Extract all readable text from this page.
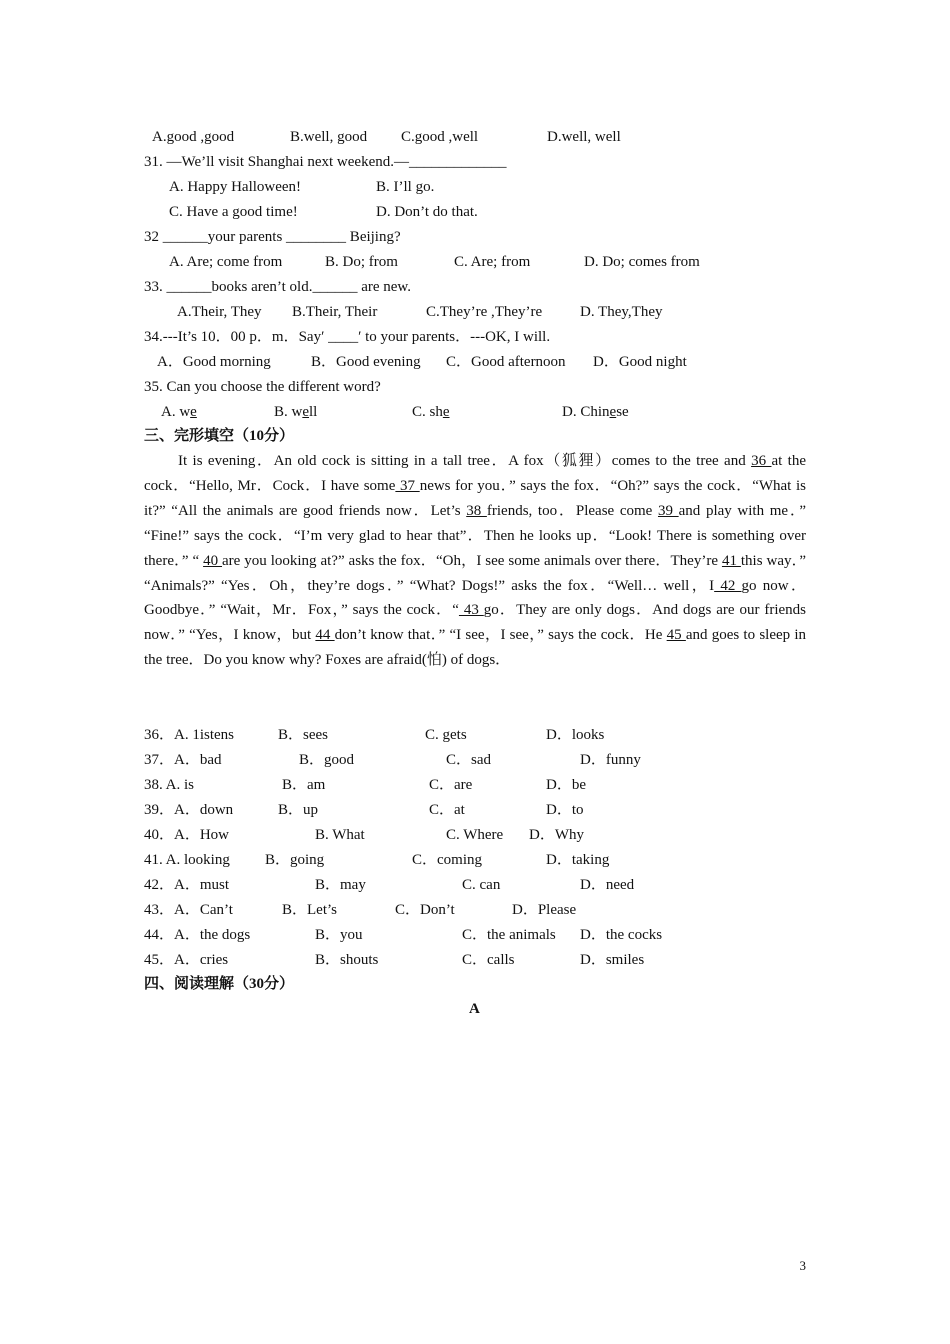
A.good ,good	B.well, good C.good ,well	D.well, well
31. —We’ll visit Shanghai next weekend.—_____________
A. Happy Halloween!	B. I’ll go.
C. Have a good time!	D. Don’t do that.
32 ______your parents ________ Beijing?
A. Are; come from	B. Do; from	C. Are; from	D. Do; comes from
33. ______books aren’t old.______ are new.
A.Their, They B.Their, Their	C.They’re ,They’re	D. They,They
34.---It’s 10．00 p．m．Say′ ____′ to your parents．---OK, I will.
A．Good morning	B．Good evening C．Good afternoon D．Good night
35. Can you choose the different word?
A. we	B. well	C. she	D. Chinese
三、完形填空（10分）

It is evening．An old cock is sitting in a tall tree．A fox（狐狸）comes to the tree and 36 at the cock．“Hello, Mr．Cock．I have some 37 news for you．” says the fox．“Oh?” says the cock．“What is it?” “All the animals are good friends now．Let’s 38 friends, too．Please come 39 and play with me．” “Fine!” says the cock．“I’m very glad to hear that”．Then he looks up．“Look! There is something over there．” “ 40 are you looking at?” asks the fox．“Oh，I see some animals over there．They’re 41 this way．” “Animals?” “Yes．Oh，they’re dogs．” “What? Dogs!” asks the fox．“Well… well，I 42 go now．Goodbye．” “Wait，Mr．Fox，” says the cock．“ 43 go．They are only dogs．And dogs are our friends now．” “Yes，I know，but 44 don’t know that．” “I see，I see，” says the cock．He 45 and goes to sleep in the tree．Do you know why? Foxes are afraid(怕) of dogs．

36．A. 1istens	B．sees	C. gets	D．looks
37．A．bad	B．good	C．sad	D．funny
38. A. is	B．am	C．are	D．be
39．A．down	B．up	C．at	D．to
40．A．How	B. What	C. Where D．Why
41. A. looking B．going	C．coming	D．taking
42．A．must	B．may	C. can	D．need
43．A．Can’t	B．Let’s	C．Don’t	D．Please
44．A．the dogs	B．you	C．the animals D．the cocks
45．A．cries	B．shouts	C．calls	D．smiles
四、阅读理解（30分）
A
3
